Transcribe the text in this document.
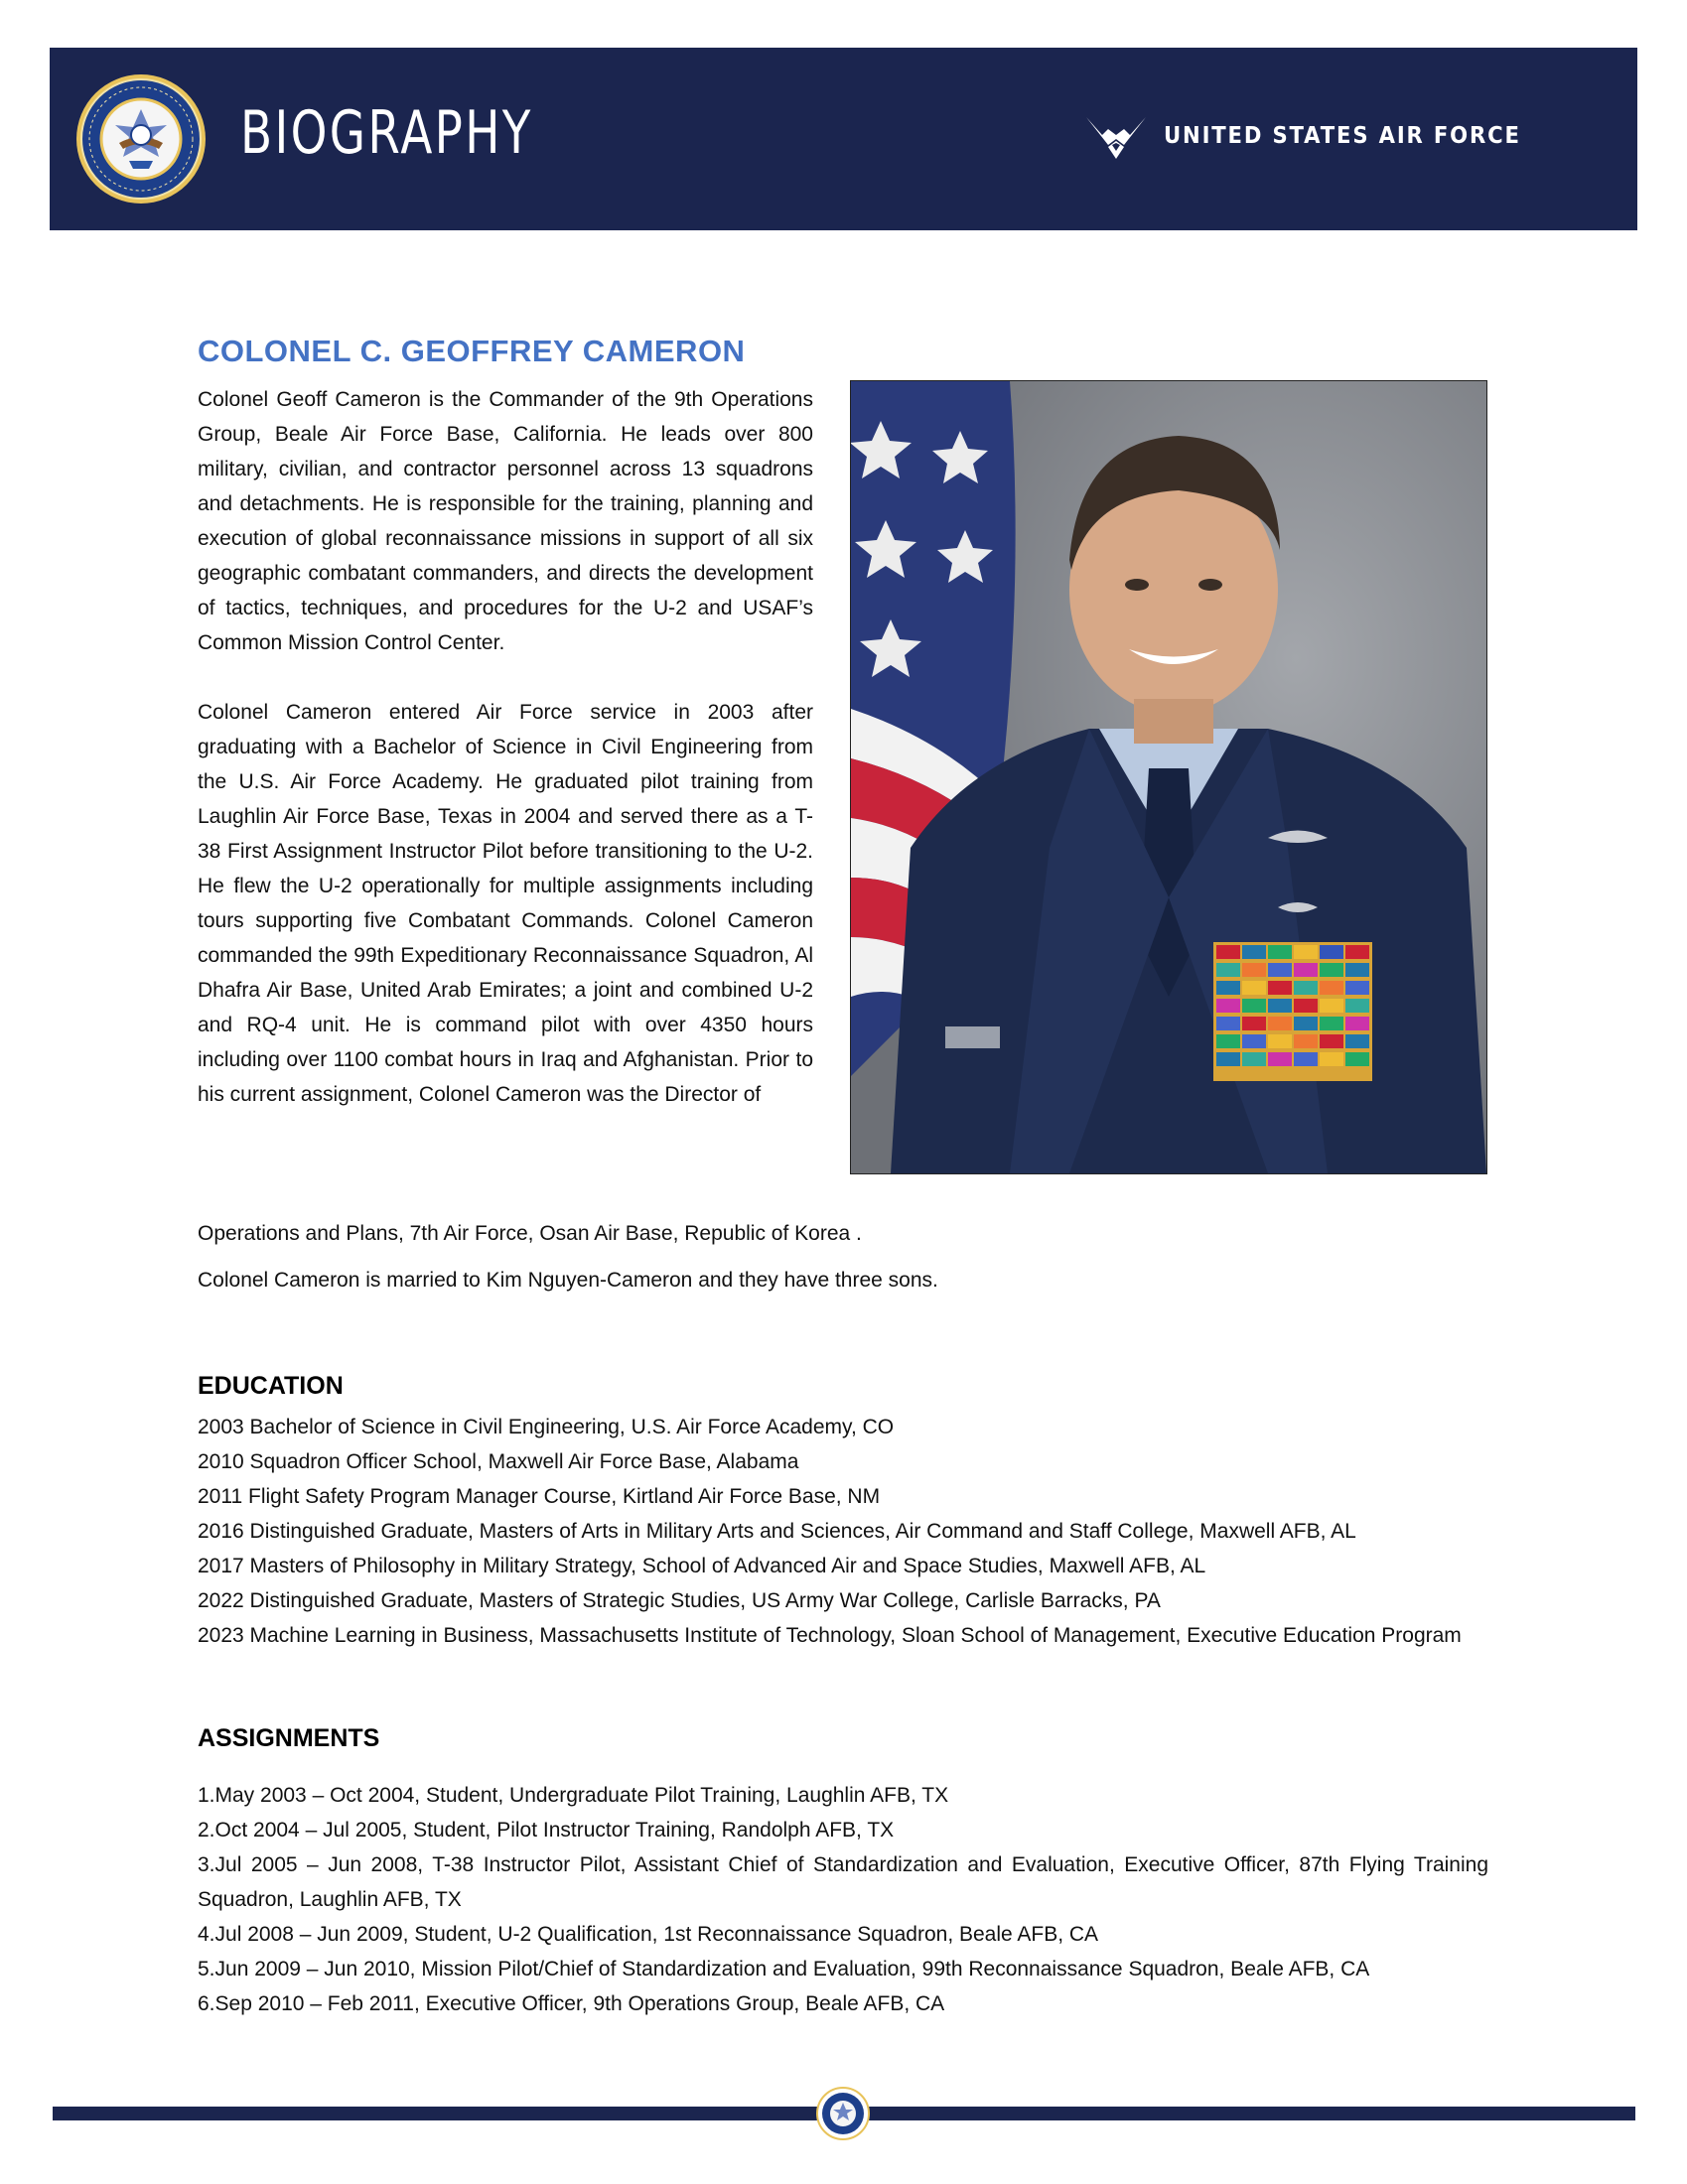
BIOGRAPHY	UNITED STATES AIR FORCE
COLONEL C. GEOFFREY CAMERON

Colonel Geoff Cameron is the Commander of the 9th Operations Group, Beale Air Force Base, California. He leads over 800 military, civilian, and contractor personnel across 13 squadrons and detachments. He is responsible for the training, planning and execution of global reconnaissance missions in support of all six geographic combatant commanders, and directs the development of tactics, techniques, and procedures for the U-2 and USAF’s Common Mission Control Center.

Colonel Cameron entered Air Force service in 2003 after graduating with a Bachelor of Science in Civil Engineering from the U.S. Air Force Academy. He graduated pilot training from Laughlin Air Force Base, Texas in 2004 and served there as a T-38 First Assignment Instructor Pilot before transitioning to the U-2. He flew the U-2 operationally for multiple assignments including tours supporting five Combatant Commands. Colonel Cameron commanded the 99th Expeditionary Reconnaissance Squadron, Al Dhafra Air Base, United Arab Emirates; a joint and combined U-2 and RQ-4 unit. He is command pilot with over 4350 hours including over 1100 combat hours in Iraq and Afghanistan. Prior to his current assignment, Colonel Cameron was the Director of

Operations and Plans, 7th Air Force, Osan Air Base, Republic of Korea .
Colonel Cameron is married to Kim Nguyen-Cameron and they have three sons.
EDUCATION
2003 Bachelor of Science in Civil Engineering, U.S. Air Force Academy, CO
2010 Squadron Officer School, Maxwell Air Force Base, Alabama
2011 Flight Safety Program Manager Course, Kirtland Air Force Base, NM
2016 Distinguished Graduate, Masters of Arts in Military Arts and Sciences, Air Command and Staff College, Maxwell AFB, AL
2017 Masters of Philosophy in Military Strategy, School of Advanced Air and Space Studies, Maxwell AFB, AL
2022 Distinguished Graduate, Masters of Strategic Studies, US Army War College, Carlisle Barracks, PA
2023 Machine Learning in Business, Massachusetts Institute of Technology, Sloan School of Management, Executive Education Program
ASSIGNMENTS
1.May 2003 – Oct 2004, Student, Undergraduate Pilot Training, Laughlin AFB, TX
2.Oct 2004 – Jul 2005, Student, Pilot Instructor Training, Randolph AFB, TX
3.Jul 2005 – Jun 2008, T-38 Instructor Pilot, Assistant Chief of Standardization and Evaluation, Executive Officer, 87th Flying Training Squadron, Laughlin AFB, TX
4.Jul 2008 – Jun 2009, Student, U-2 Qualification, 1st Reconnaissance Squadron, Beale AFB, CA
5.Jun 2009 – Jun 2010, Mission Pilot/Chief of Standardization and Evaluation, 99th Reconnaissance Squadron, Beale AFB, CA
6.Sep 2010 – Feb 2011, Executive Officer, 9th Operations Group, Beale AFB, CA
